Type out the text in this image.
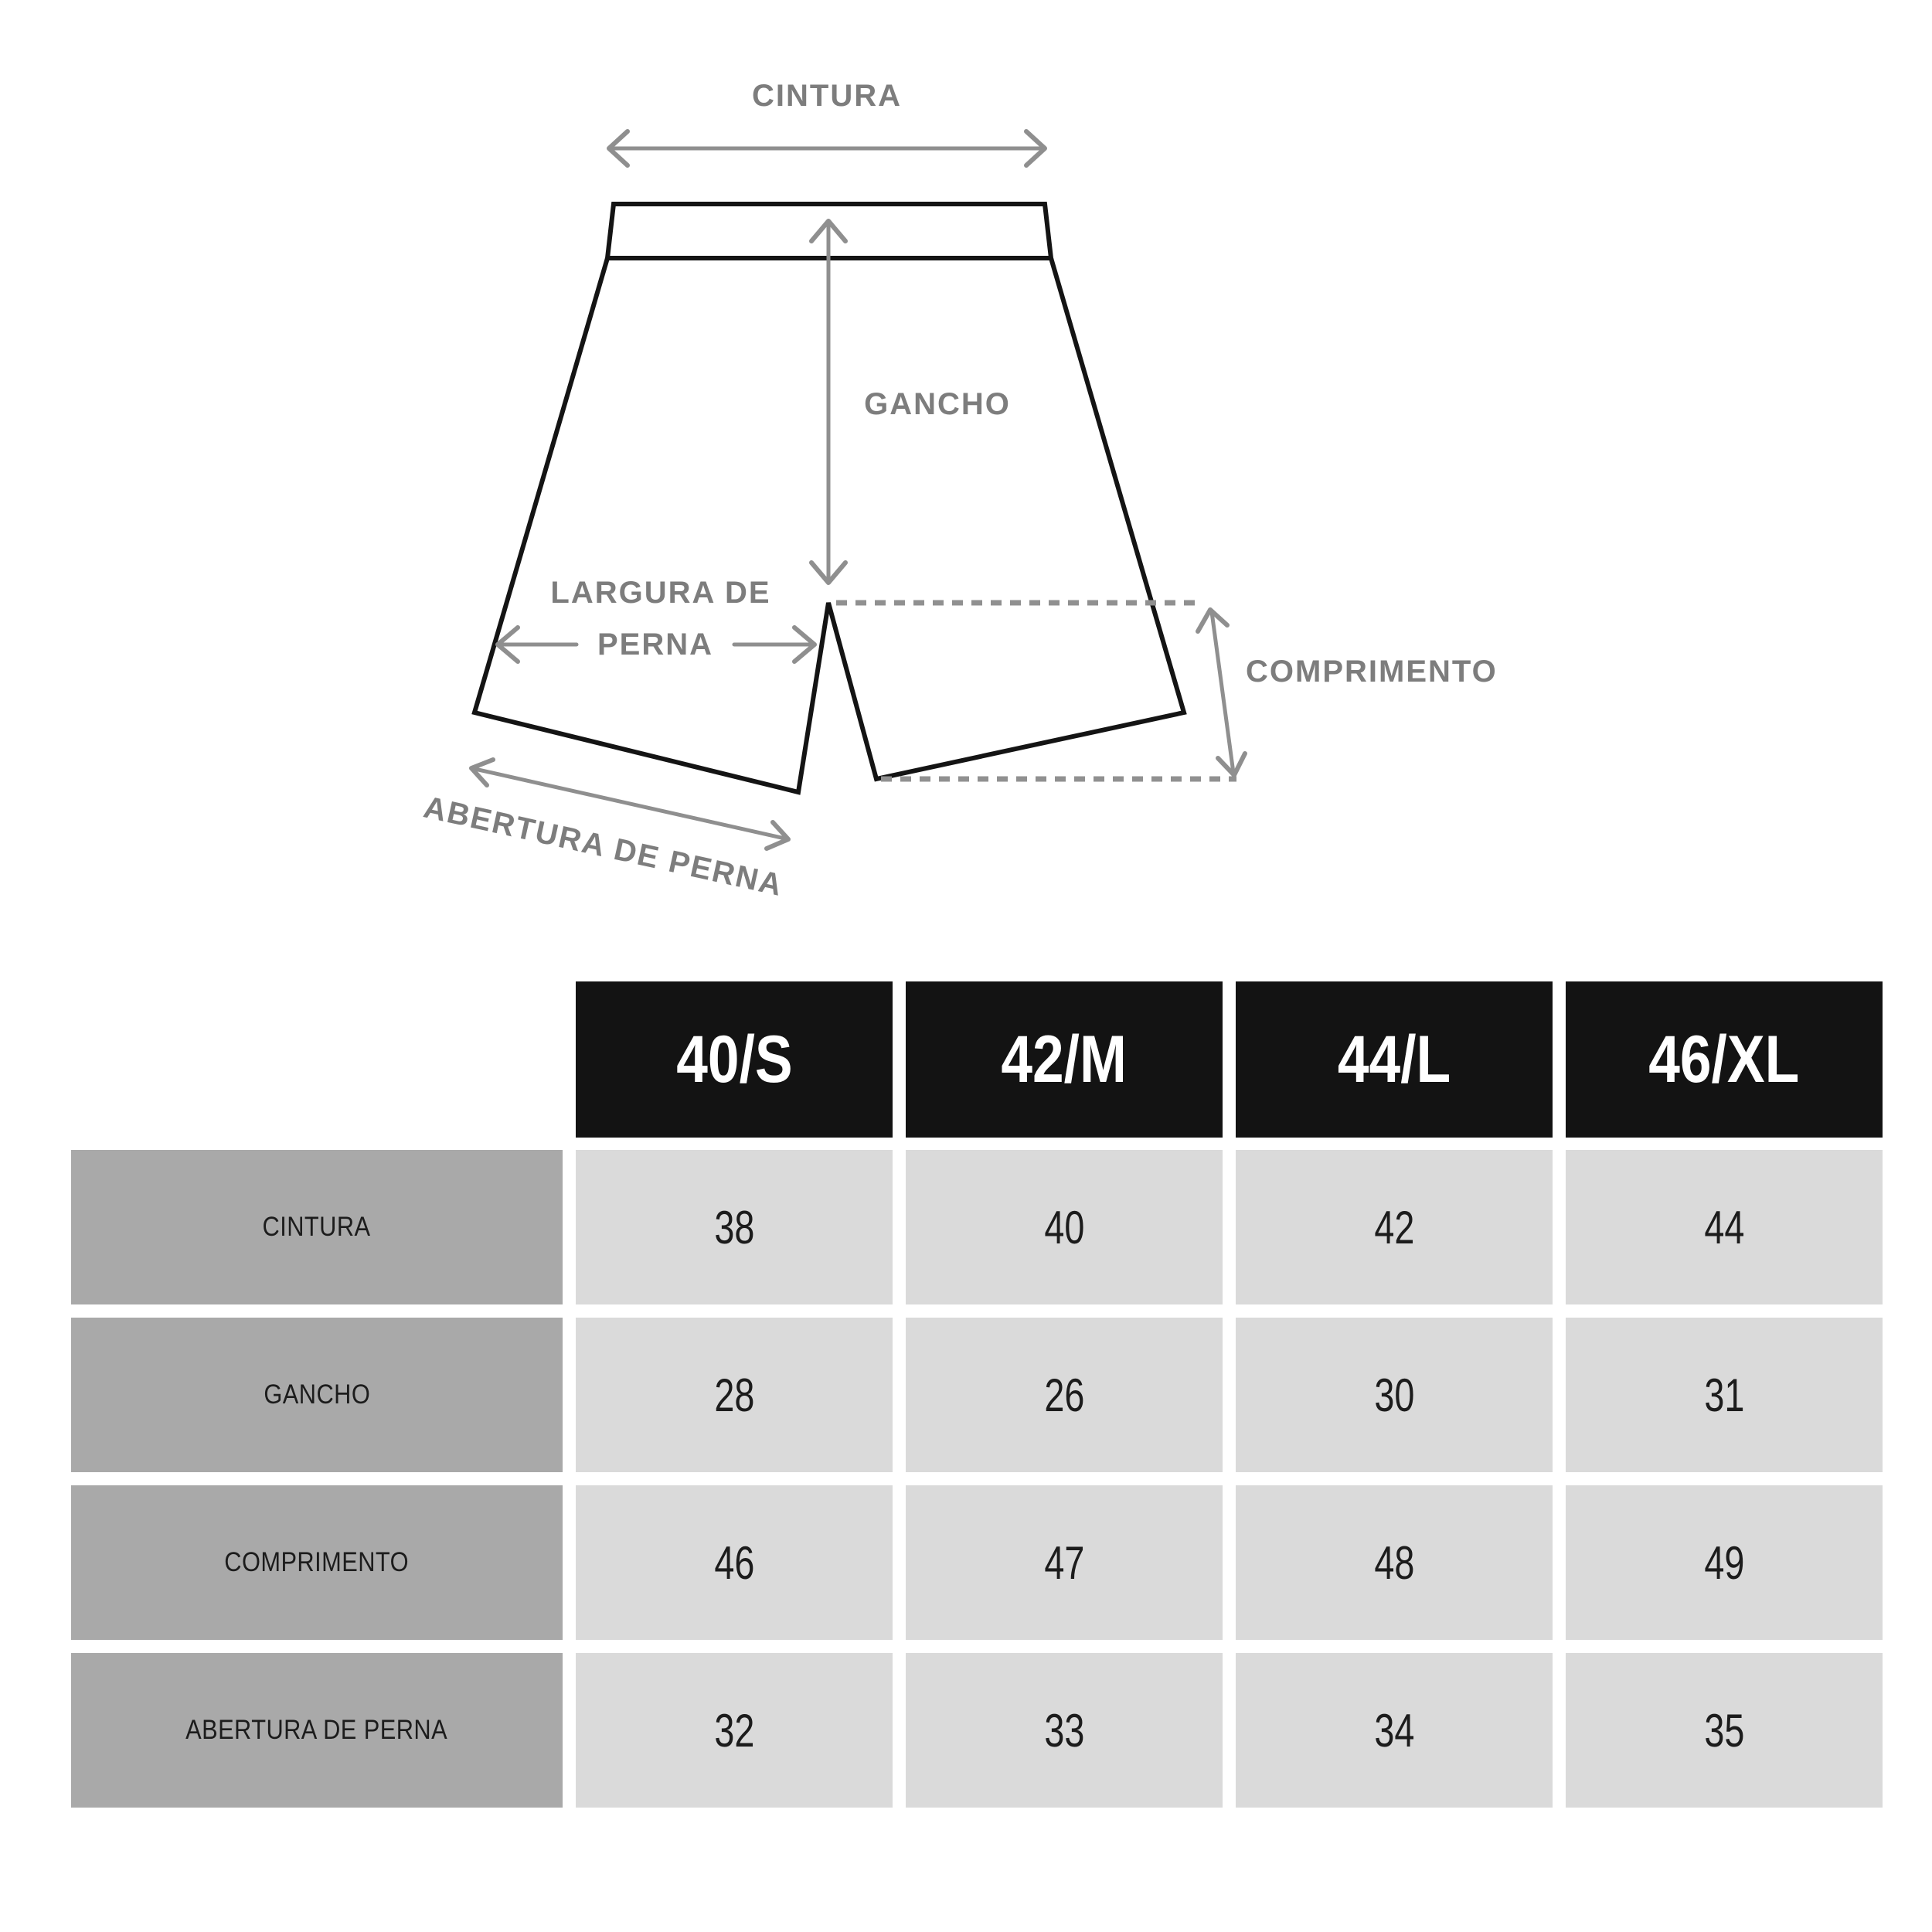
CINTURA
GANCHO
LARGURA DE
PERNA
COMPRIMENTO
ABERTURA DE PERNA
40/S	42/M	44/L	46/XL
CINTURA	38	40	42	44
GANCHO	28	26	30	31
COMPRIMENTO	46	47	48	49
ABERTURA DE PERNA	32	33	34	35
